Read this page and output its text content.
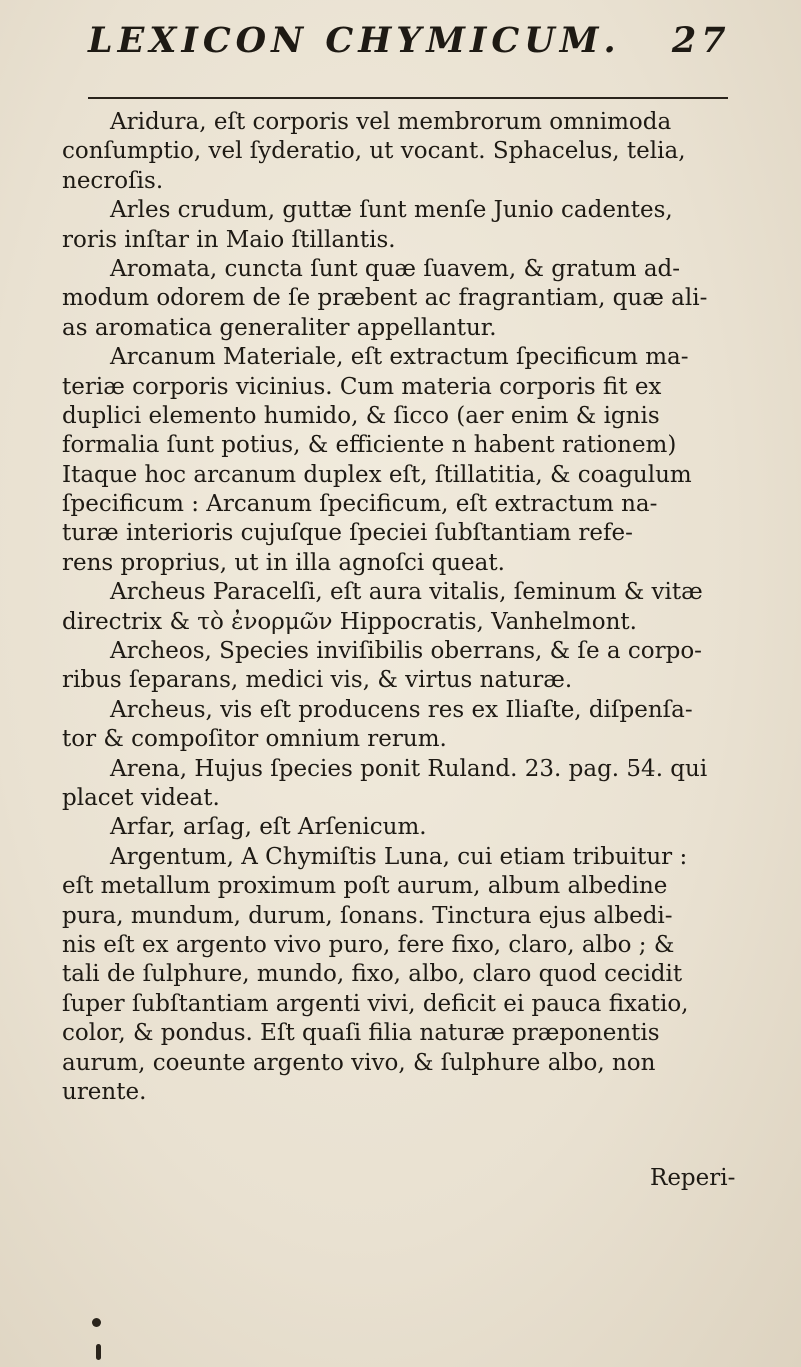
LEXICON CHYMICUM. 27
Aridura, eſt corporis vel membrorum omnimoda
conſumptio, vel ſyderatio, ut vocant. Sphacelus, telia,
necroſis.
Arles crudum, guttæ ſunt menſe Junio cadentes,
roris inſtar in Maio ſtillantis.
Aromata, cuncta ſunt quæ ſuavem, & gratum ad-
modum odorem de ſe præbent ac fragrantiam, quæ ali-
as aromatica generaliter appellantur.
Arcanum Materiale, eſt extractum ſpecificum ma-
teriæ corporis vicinius. Cum materia corporis fit ex
duplici elemento humido, & ſicco (aer enim & ignis
formalia ſunt potius, & efficiente n habent rationem)
Itaque hoc arcanum duplex eſt, ſtillatitia, & coagulum
ſpecificum : Arcanum ſpecificum, eſt extractum na-
turæ interioris cujuſque ſpeciei ſubſtantiam refe-
rens proprius, ut in illa agnoſci queat.
Archeus Paracelſi, eſt aura vitalis, ſeminum & vitæ
directrix & τὸ ἐνορμῶν Hippocratis, Vanhelmont.
Archeos, Species inviſibilis oberrans, & ſe a corpo-
ribus ſeparans, medici vis, & virtus naturæ.
Archeus, vis eſt producens res ex Iliaſte, diſpenſa-
tor & compoſitor omnium rerum.
Arena, Hujus ſpecies ponit Ruland. 23. pag. 54. qui
placet videat.
Arfar, arſag, eſt Arſenicum.
Argentum, A Chymiſtis Luna, cui etiam tribuitur :
eſt metallum proximum poſt aurum, album albedine
pura, mundum, durum, ſonans. Tinctura ejus albedi-
nis eſt ex argento vivo puro, fere fixo, claro, albo ; &
tali de ſulphure, mundo, fixo, albo, claro quod cecidit
ſuper ſubſtantiam argenti vivi, deficit ei pauca fixatio,
color, & pondus. Eſt quaſi filia naturæ præponentis
aurum, coeunte argento vivo, & ſulphure albo, non
urente.
Reperi-
